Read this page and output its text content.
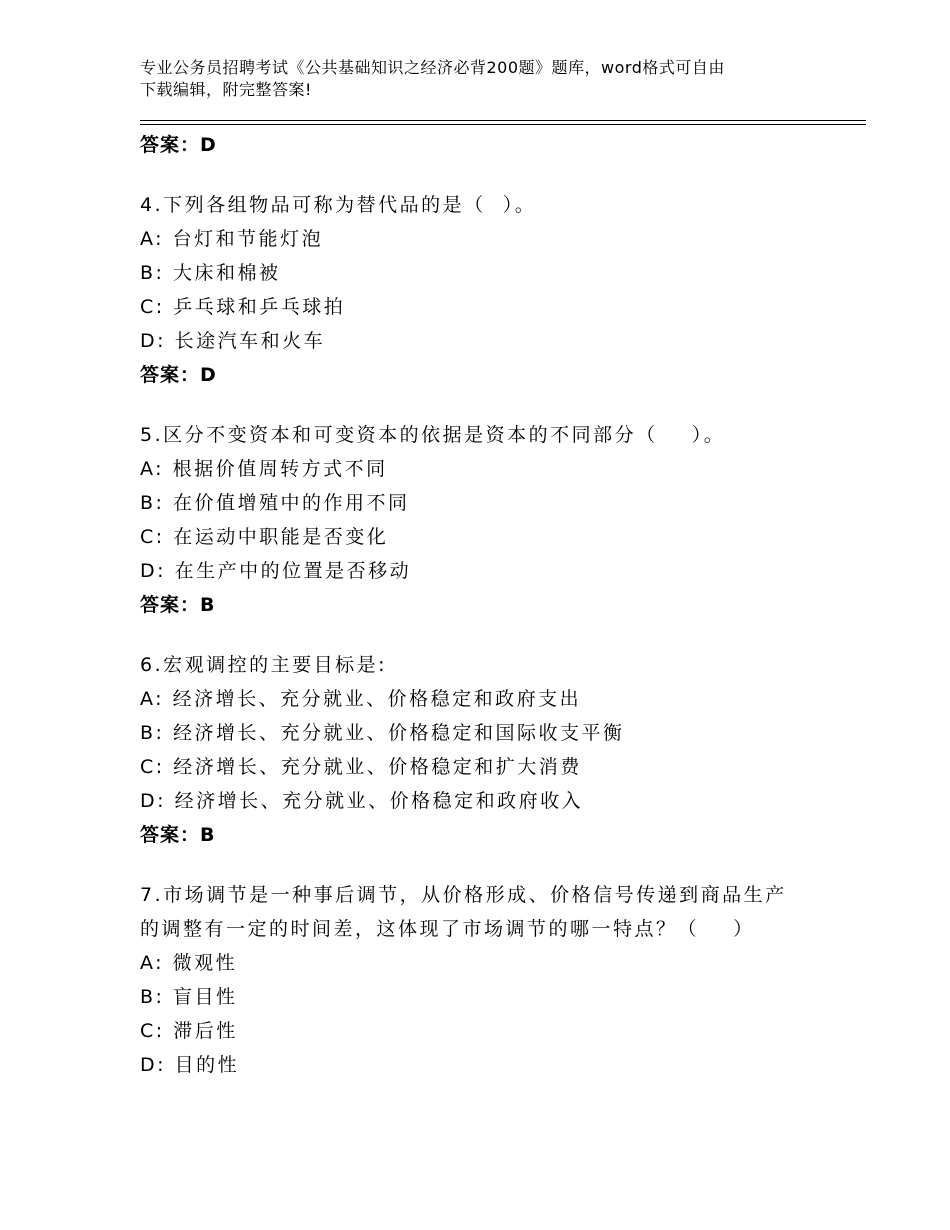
专业公务员招聘考试《公共基础知识之经济必背200题》题库，word格式可自由
下载编辑，附完整答案!
答案：D
4.下列各组物品可称为替代品的是（  ）。
A: 台灯和节能灯泡
B: 大床和棉被
C: 乒乓球和乒乓球拍
D: 长途汽车和火车
答案：D
5.区分不变资本和可变资本的依据是资本的不同部分（    ）。
A: 根据价值周转方式不同
B: 在价值增殖中的作用不同
C: 在运动中职能是否变化
D: 在生产中的位置是否移动
答案：B
6.宏观调控的主要目标是:
A: 经济增长、充分就业、价格稳定和政府支出
B: 经济增长、充分就业、价格稳定和国际收支平衡
C: 经济增长、充分就业、价格稳定和扩大消费
D: 经济增长、充分就业、价格稳定和政府收入
答案：B
7.市场调节是一种事后调节，从价格形成、价格信号传递到商品生产
的调整有一定的时间差，这体现了市场调节的哪一特点？（    ）
A: 微观性
B: 盲目性
C: 滞后性
D: 目的性
